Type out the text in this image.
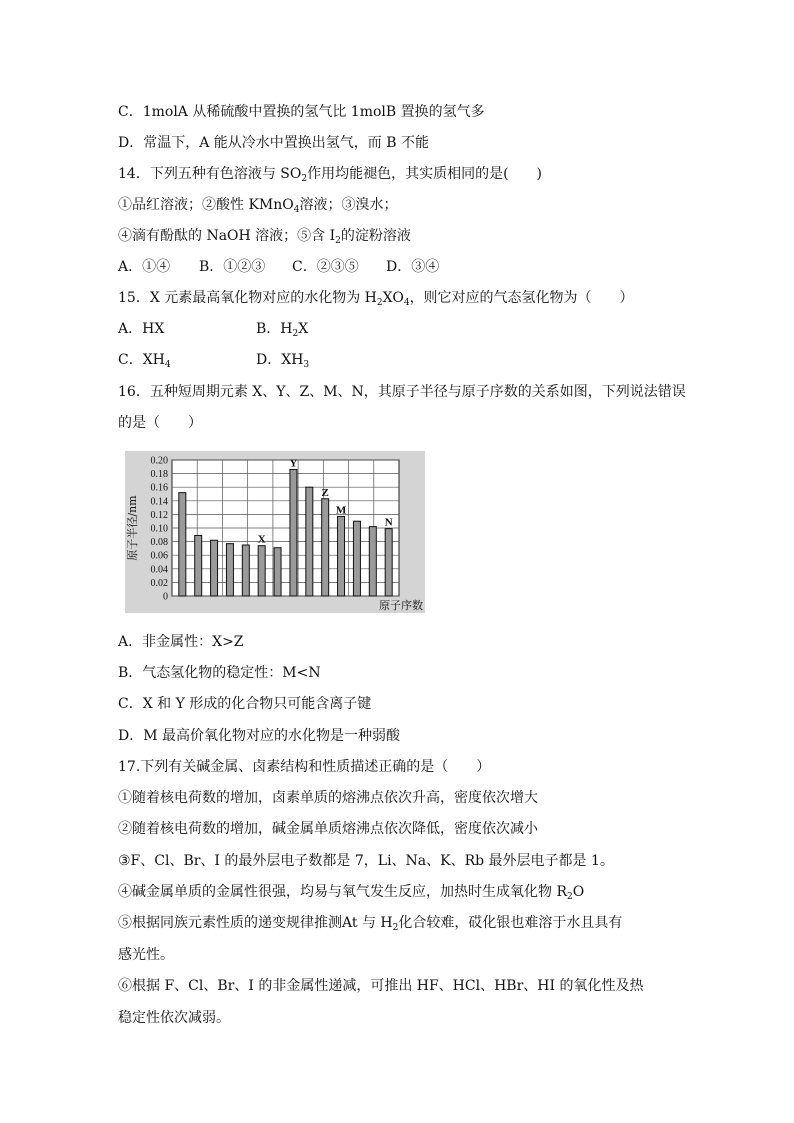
C．1molA 从稀硫酸中置换的氢气比 1molB 置换的氢气多
D．常温下，A 能从冷水中置换出氢气，而 B 不能
14．下列五种有色溶液与 $SO_2$作用均能褪色，其实质相同的是(　　)
①品红溶液；②酸性 KMnO$_4$溶液；③溴水；
④滴有酚酞的 NaOH 溶液；⑤含 $I_2$的淀粉溶液
A．①④ B．①②③ C．②③⑤ D．③④
15．X 元素最高氧化物对应的水化物为 $H_2XO_4$，则它对应的气态氢化物为（　　）
A．HX	B．$H_2X$
C．$XH_4$	D．$XH_3$
16．五种短周期元素 X、Y、Z、M、N，其原子半径与原子序数的关系如图，下列说法错误
的是（　　）
0
0.02
0.04
0.06
0.08
0.10
0.12
0.14
0.16
0.18
0.20
X
Y
Z
M
N
原子半径/nm
原子序数
A．非金属性：X>Z
B．气态氢化物的稳定性：M<N
C．X 和 Y 形成的化合物只可能含离子键
D．M 最高价氧化物对应的水化物是一种弱酸
17.下列有关碱金属、卤素结构和性质描述正确的是（　　）
①随着核电荷数的增加，卤素单质的熔沸点依次升高，密度依次增大
②随着核电荷数的增加，碱金属单质熔沸点依次降低，密度依次减小
③F、Cl、Br、I 的最外层电子数都是 7，Li、Na、K、Rb 最外层电子都是 1。
④碱金属单质的金属性很强，均易与氧气发生反应，加热时生成氧化物 $R_2O$
⑤根据同族元素性质的递变规律推测At 与 $H_2$化合较难，砹化银也难溶于水且具有
感光性。
⑥根据 F、Cl、Br、I 的非金属性递减，可推出 HF、HCl、HBr、HI 的氧化性及热
稳定性依次减弱。
